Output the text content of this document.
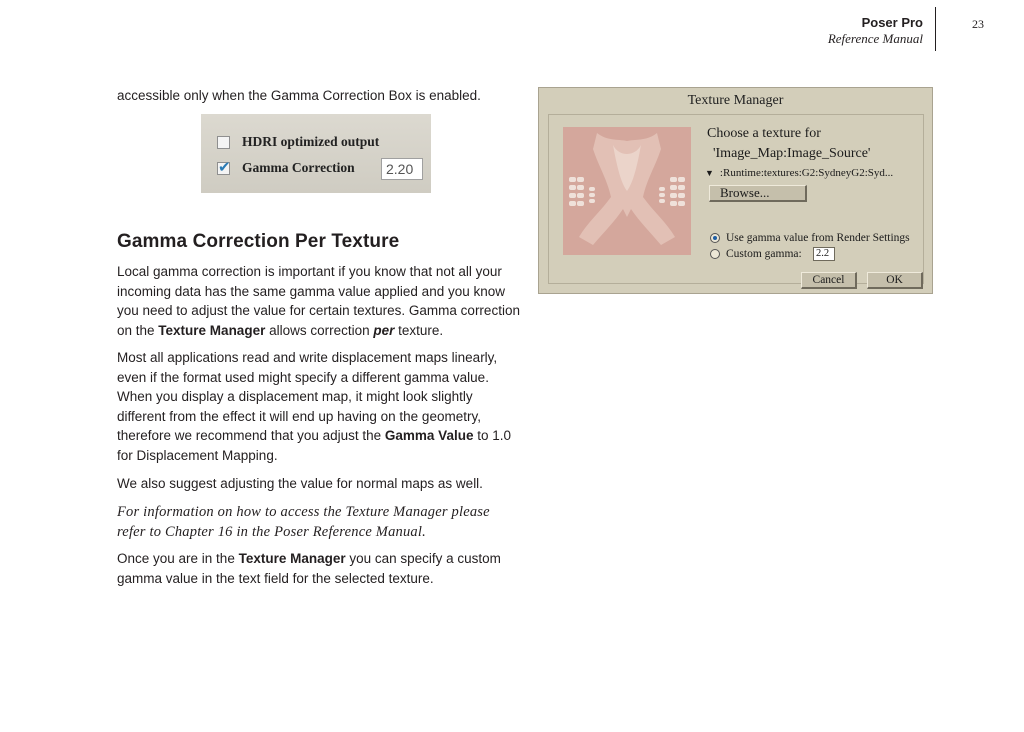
Poser Pro
Reference Manual
23
accessible only when the Gamma Correction Box is enabled.
HDRI optimized output
✔
Gamma Correction	2.20
Gamma Correction Per Texture

Local gamma correction is important if you know that not all your incoming data has the same gamma value applied and you know you need to adjust the value for certain textures. Gamma correction on the Texture Manager allows correction per texture.

Most all applications read and write displacement maps linearly, even if the format used might specify a different gamma value. When you display a displacement map, it might look slightly different from the effect it will end up having on the geometry, therefore we recommend that you adjust the Gamma Value to 1.0 for Displacement Mapping.

We also suggest adjusting the value for normal maps as well.
For information on how to access the Texture Manager please refer to Chapter 16 in the Poser Reference Manual.

Once you are in the Texture Manager you can specify a custom gamma value in the text field for the selected texture.

Texture Manager
Choose a texture for
'Image_Map:Image_Source'
▼ :Runtime:textures:G2:SydneyG2:Syd...
Browse...
Use gamma value from Render Settings
Custom gamma: 2.2
Cancel	OK
